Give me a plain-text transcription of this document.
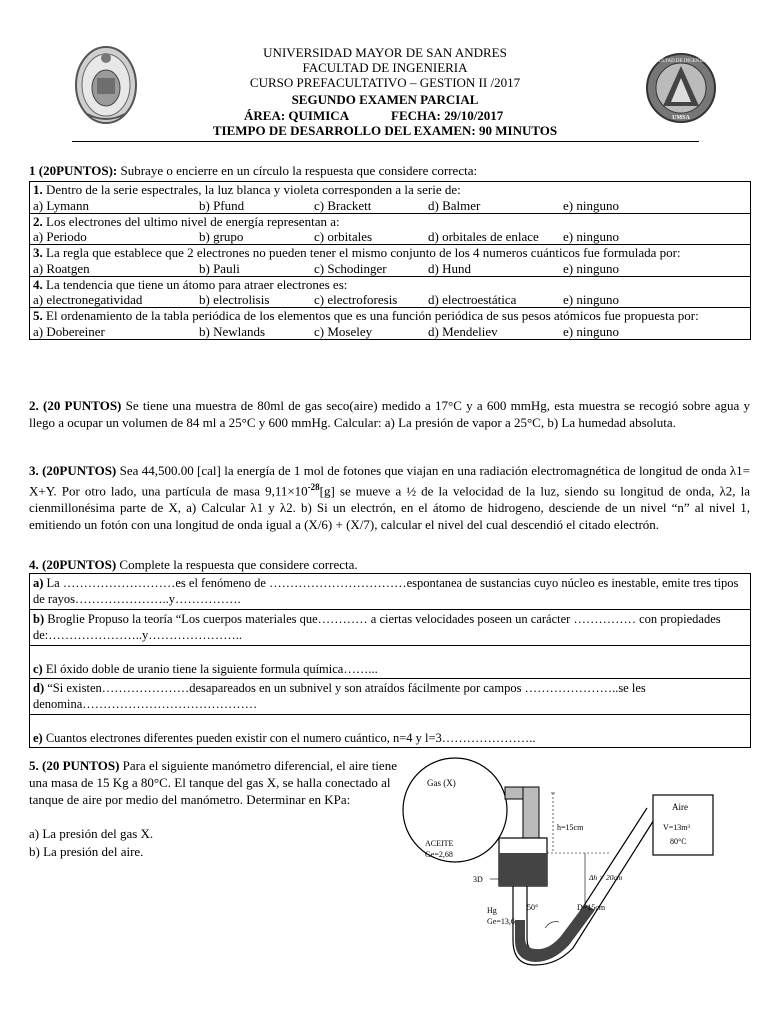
UNIVERSIDAD MAYOR DE SAN ANDRES
FACULTAD DE INGENIERIA
CURSO PREFACULTATIVO – GESTION II /2017
SEGUNDO EXAMEN PARCIAL
ÁREA: QUIMICA	FECHA: 29/10/2017
TIEMPO DE DESARROLLO DEL EXAMEN: 90 MINUTOS
FACULTAD DE INGENIERIA
UMSA
1 (20PUNTOS): Subraye o encierre en un círculo la respuesta que considere correcta:
1. Dentro de la serie espectrales, la luz blanca y violeta corresponden a la serie de:
a) Lymann	b) Pfund	c) Brackett	d) Balmer	e) ninguno

2. Los electrones del ultimo nivel de energía representan a:
a) Periodo	b) grupo	c) orbitales	d) orbitales de enlace e) ninguno

3. La regla que establece que 2 electrones no pueden tener el mismo conjunto de los 4 numeros cuánticos fue formulada por:
a) Roatgen	b) Pauli	c) Schodinger	d) Hund	e) ninguno

4. La tendencia que tiene un átomo para atraer electrones es:
a) electronegatividad	b) electrolisis	c) electroforesis d) electroestática	e) ninguno

5. El ordenamiento de la tabla periódica de los elementos que es una función periódica de sus pesos atómicos fue propuesta por:
a) Dobereiner	b) Newlands	c) Moseley	d) Mendeliev	e) ninguno
2. (20 PUNTOS) Se tiene una muestra de 80ml de gas seco(aire) medido a 17°C y a 600 mmHg, esta muestra se recogió sobre agua y llego a ocupar un volumen de 84 ml a 25°C y 600 mmHg. Calcular: a) La presión de vapor a 25°C, b) La humedad absoluta.
3. (20PUNTOS) Sea 44,500.00 [cal] la energía de 1 mol de fotones que viajan en una radiación electromagnética de longitud de onda λ1= X+Y. Por otro lado, una partícula de masa $9,11\times 10^{-28}[g]$ se mueve a ½ de la velocidad de la luz, siendo su longitud de onda, λ2, la cienmillonésima parte de X, a) Calcular λ1 y λ2. b) Si un electrón, en el átomo de hidrogeno, desciende de un nivel “n” al nivel 1, emitiendo un fotón con una longitud de onda igual a (X/6) + (X/7), calcular el nivel del cual descendió el citado electrón.
4. (20PUNTOS) Complete la respuesta que considere correcta.
a) La ………………………es el fenómeno de ……………………………espontanea de sustancias cuyo núcleo es inestable, emite tres tipos de rayos…………………..y…………….
b) Broglie Propuso la teoría “Los cuerpos materiales que………… a ciertas velocidades poseen un carácter …………… con propiedades de:…………………..y…………………..
c) El óxido doble de uranio tiene la siguiente formula química……...
d) “Si existen…………………desapareados en un subnivel y son atraídos fácilmente por campos …………………..se les denomina……………………………………
e) Cuantos electrones diferentes pueden existir con el numero cuántico, n=4 y l=3…………………..
5. (20 PUNTOS) Para el siguiente manómetro diferencial, el aire tiene una masa de 15 Kg a 80°C. El tanque del gas X, se halla conectado al tanque de aire por medio del manómetro. Determinar en KPa:
a) La presión del gas X.
b) La presión del aire.
Gas (X)
ACEITE
Ge=2,68
Aire
V=13m³
80°C
h=15cm
Δh = 20cm
3D
50°
Hg
Ge=13,6
D=15cm
